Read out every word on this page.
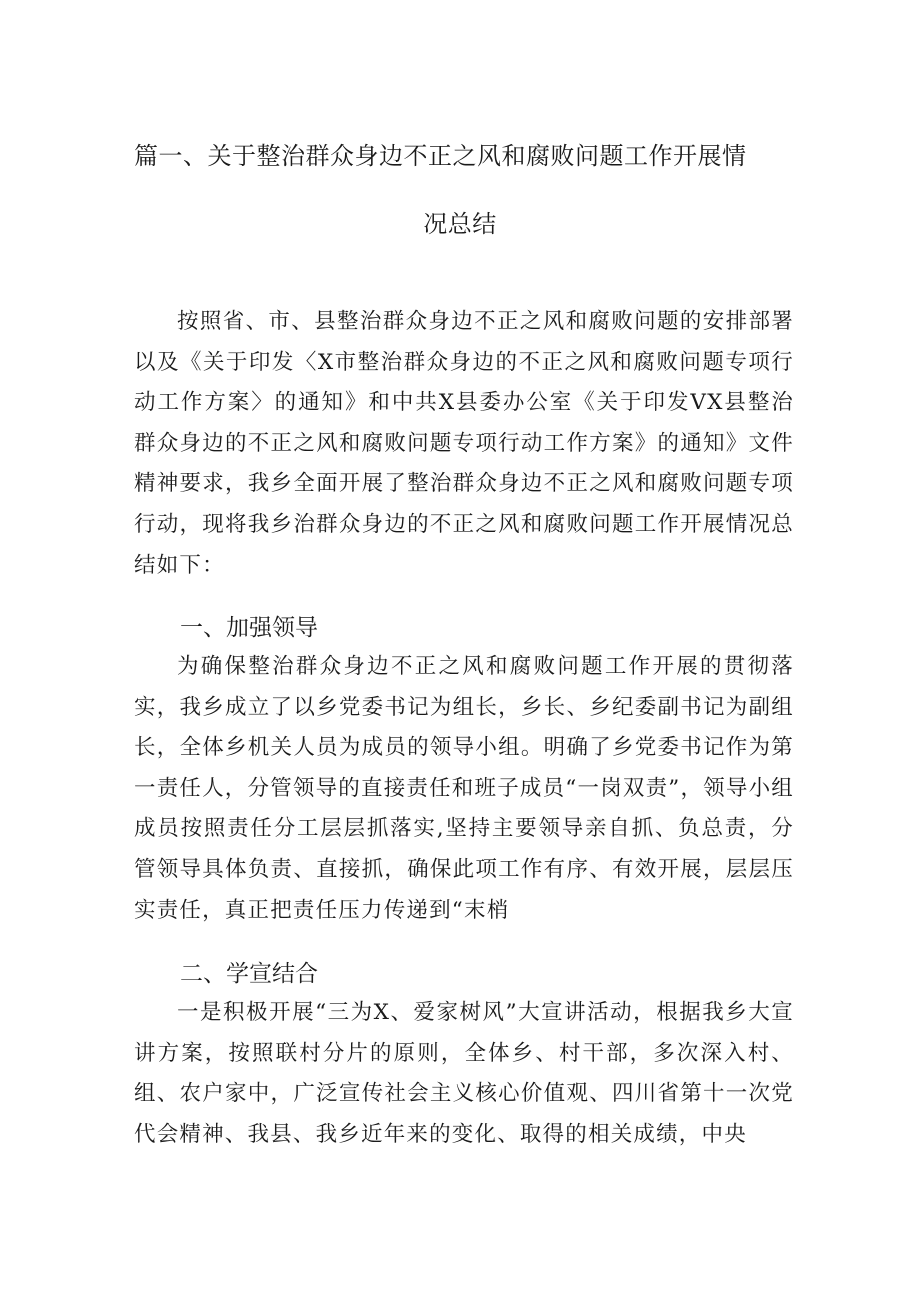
篇一、关于整治群众身边不正之风和腐败问题工作开展情
况总结

按照省、市、县整治群众身边不正之风和腐败问题的安排部署以及《关于印发〈X市整治群众身边的不正之风和腐败问题专项行动工作方案〉的通知》和中共X县委办公室《关于印发VX县整治群众身边的不正之风和腐败问题专项行动工作方案》的通知》文件精神要求，我乡全面开展了整治群众身边不正之风和腐败问题专项行动，现将我乡治群众身边的不正之风和腐败问题工作开展情况总结如下：

一、加强领导

为确保整治群众身边不正之风和腐败问题工作开展的贯彻落实，我乡成立了以乡党委书记为组长，乡长、乡纪委副书记为副组长，全体乡机关人员为成员的领导小组。明确了乡党委书记作为第一责任人，分管领导的直接责任和班子成员“一岗双责”，领导小组成员按照责任分工层层抓落实,坚持主要领导亲自抓、负总责，分管领导具体负责、直接抓，确保此项工作有序、有效开展，层层压实责任，真正把责任压力传递到“末梢

二、学宣结合

一是积极开展“三为X、爱家树风”大宣讲活动，根据我乡大宣讲方案，按照联村分片的原则，全体乡、村干部，多次深入村、组、农户家中，广泛宣传社会主义核心价值观、四川省第十一次党代会精神、我县、我乡近年来的变化、取得的相关成绩，中央
